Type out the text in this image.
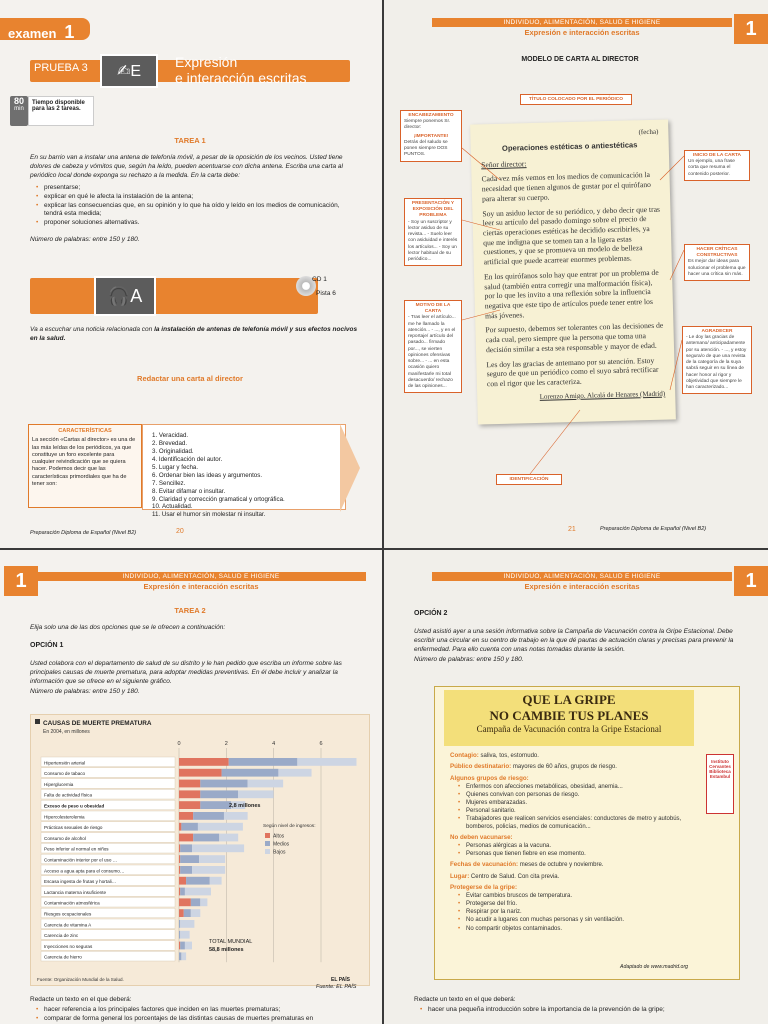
examen 1
PRUEBA 3	✍E
Expresión
e interacción escritas
80
min
Tiempo disponible para las 2 tareas.
TAREA 1
En su barrio van a instalar una antena de telefonía móvil, a pesar de la oposición de los vecinos. Usted tiene dolores de cabeza y vómitos que, según ha leído, pueden acentuarse con dicha antena. Escriba una carta al periódico local donde exponga su rechazo a la medida. En la carta debe:
• presentarse;
• explicar en qué le afecta la instalación de la antena;
• explicar las consecuencias que, en su opinión y lo que ha oído y leído en los medios de comunicación, tendrá esta medida;
• proponer soluciones alternativas.
Número de palabras: entre 150 y 180.
🎧A
CD 1
Pista 6
Va a escuchar una noticia relacionada con la instalación de antenas de telefonía móvil y sus efectos nocivos en la salud.
Redactar una carta al director
CARACTERÍSTICAS
La sección «Cartas al director» es una de las más leídas de los periódicos, ya que constituye un foro excelente para cualquier reivindicación que se quiera hacer. Podemos decir que las características primordiales que ha de tener son:
1. Veracidad.
2. Brevedad.
3. Originalidad.
4. Identificación del autor.
5. Lugar y fecha.
6. Ordenar bien las ideas y argumentos.
7. Sencillez.
8. Evitar difamar o insultar.
9. Claridad y corrección gramatical y ortográfica.
10. Actualidad.
11. Usar el humor sin molestar ni insultar.
Preparación Diploma de Español (Nivel B2)	20
INDIVIDUO, ALIMENTACIÓN, SALUD E HIGIENE
Expresión e interacción escritas	1
MODELO DE CARTA AL DIRECTOR
TÍTULO COLOCADO POR EL PERIÓDICO
(fecha)
Operaciones estéticas o antiestéticas
Señor director:

Cada vez más vemos en los medios de comunicación la necesidad que tienen algunos de gustar por el quirófano para alterar su cuerpo.

Soy un asiduo lector de su periódico, y debo decir que tras leer su artículo del pasado domingo sobre el precio de ciertas operaciones estéticas he decidido escribirles, ya que me indigna que se tomen tan a la ligera estas cuestiones, y que se promueva un modelo de belleza artificial que puede acarrear enormes problemas.

En los quirófanos solo hay que entrar por un problema de salud (también entra corregir una malformación física), por lo que les invito a una reflexión sobre la influencia negativa que este tipo de artículos puede tener entre los más jóvenes.

Por supuesto, debemos ser tolerantes con las decisiones de cada cual, pero siempre que la persona que toma una decisión similar a esta sea responsable y mayor de edad.

Les doy las gracias de antemano por su atención. Estoy seguro de que un periódico como el suyo sabrá rectificar con el rigor que les caracteriza.

Lorenzo Amigo. Alcalá de Henares (Madrid)
ENCABEZAMIENTO
Siempre ponemos Sr. director:
¡IMPORTANTE!
Detrás del saludo se ponen siempre DOS PUNTOS.
PRESENTACIÓN Y EXPOSICIÓN DEL PROBLEMA
- Soy un suscriptor y lector asiduo de su revista... - Suelo leer con asiduidad e interés los artículos... - Soy un lector habitual de su periódico...
MOTIVO DE LA CARTA
- Tras leer el artículo... me he llamado la atención... - ..., y en el reportaje/ artículo del pasado... firmado por..., se vierten opiniones ofensivas sobre... - ... en esta ocasión quiero manifestarle mi total desacuerdo/ rechazo de las opiniones...
INICIO DE LA CARTA
Un ejemplo, una frase corta que resuma el contenido posterior.
HACER CRÍTICAS CONSTRUCTIVAS
Es mejor dar ideas para solucionar el problema que hacer una crítica sin más.
AGRADECER
- Le doy las gracias de antemano/ anticipadamente por su atención. - ..., y estoy segura/o de que una revista de la categoría de la suya sabrá seguir en su línea de hacer honor al rigor y objetividad que siempre le han caracterizado...
IDENTIFICACIÓN
Preparación Diploma de Español (Nivel B2)
21
1	INDIVIDUO, ALIMENTACIÓN, SALUD E HIGIENE
Expresión e interacción escritas
TAREA 2
Elija solo una de las dos opciones que se le ofrecen a continuación:
OPCIÓN 1
Usted colabora con el departamento de salud de su distrito y le han pedido que escriba un informe sobre las principales causas de muerte prematura, para adoptar medidas preventivas. En él debe incluir y analizar la información que se ofrece en el siguiente gráfico.
Número de palabras: entre 150 y 180.
CAUSAS DE MUERTE PREMATURA
En 2004, en millones
0	2	4	6
Hipertensión arterial
Consumo de tabaco
Hiperglucemia
Falta de actividad física
Exceso de peso u obesidad
Hipercolesterolemia
Prácticas sexuales de riesgo
Consumo de alcohol
Peso inferior al normal en niños
Contaminación interior por el uso …
Acceso a agua apta para el consumo…
Escasa ingesta de frutas y hortali…
Lactancia materna insuficiente
Contaminación atmosférica
Riesgos ocupacionales
Carencia de vitamina A
Carencia de zinc
Inyecciones no seguras
Carencia de hierro
2,8 millones
Según nivel de ingresos:
Altos
Medios
Bajos
TOTAL MUNDIAL
58,8 millones
Fuente: Organización Mundial de la Salud.	EL PAÍS
Fuente: EL PAÍS
Redacte un texto en el que deberá:
• hacer referencia a los principales factores que inciden en las muertes prematuras;
• comparar de forma general los porcentajes de las distintas causas de muertes prematuras en
INDIVIDUO, ALIMENTACIÓN, SALUD E HIGIENE
Expresión e interacción escritas	1
OPCIÓN 2
Usted asistió ayer a una sesión informativa sobre la Campaña de Vacunación contra la Gripe Estacional. Debe escribir una circular en su centro de trabajo en la que dé pautas de actuación claras y precisas para prevenir la enfermedad. Para ello cuenta con unas notas tomadas durante la sesión.
Número de palabras: entre 150 y 180.
QUE LA GRIPE
NO CAMBIE TUS PLANES
Campaña de Vacunación contra la Gripe Estacional
Instituto Cervantes Biblioteca Estambul
Contagio: saliva, tos, estornudo.
Público destinatario: mayores de 60 años, grupos de riesgo.
Algunos grupos de riesgo:
• Enfermos con afecciones metabólicas, obesidad, anemia...
• Quienes convivan con personas de riesgo.
• Mujeres embarazadas.
• Personal sanitario.
• Trabajadores que realicen servicios esenciales: conductores de metro y autobús, bomberos, policías, medios de comunicación...
No deben vacunarse:
• Personas alérgicas a la vacuna.
• Personas que tienen fiebre en ese momento.
Fechas de vacunación: meses de octubre y noviembre.
Lugar: Centro de Salud. Con cita previa.
Protegerse de la gripe:
• Evitar cambios bruscos de temperatura.
• Protegerse del frío.
• Respirar por la nariz.
• No acudir a lugares con muchas personas y sin ventilación.
• No compartir objetos contaminados.
Adaptado de www.madrid.org
Redacte un texto en el que deberá:
• hacer una pequeña introducción sobre la importancia de la prevención de la gripe;
